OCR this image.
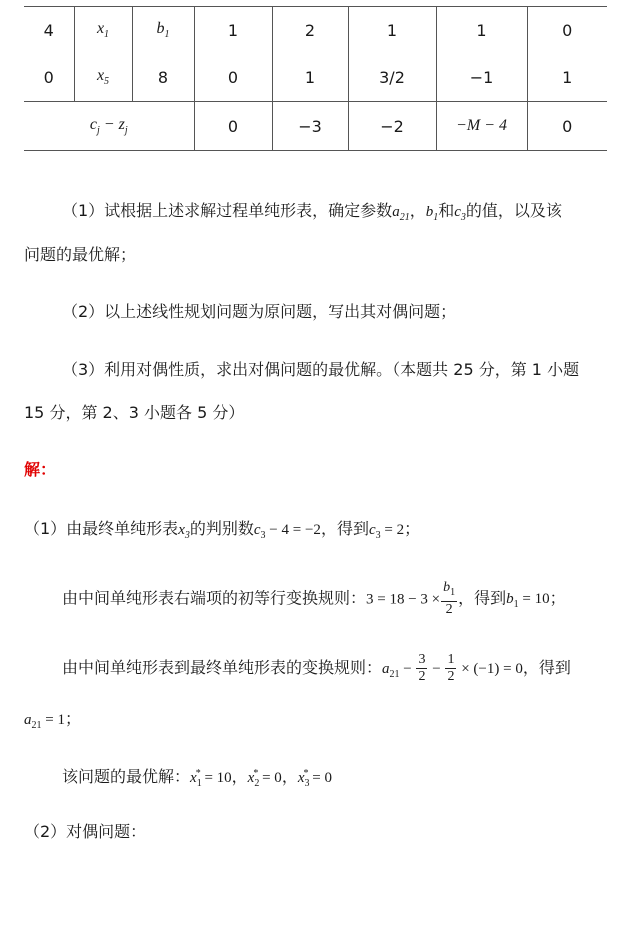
4	$x_1$	$b_1$	1	2	1	1	0
0	$x_5$	8	0	1	3/2	−1	1
$c_j - z_j$			0	−3	−2	−M − 4	0
（1）试根据上述求解过程单纯形表，确定参数$a_{21}$，$b_1$和$c_3$的值，以及该
问题的最优解；
（2）以上述线性规划问题为原问题，写出其对偶问题；
（3）利用对偶性质，求出对偶问题的最优解。（本题共 25 分，第 1 小题
15 分，第 2、3 小题各 5 分）
解：
（1）由最终单纯形表$x_3$的判别数$c_3 - 4 = -2$，得到$c_3 = 2$；
由中间单纯形表右端项的初等行变换规则：$3 = 18 - 3 \times \frac{b_1}{2}$ ，得到$b_1 = 10$；
由中间单纯形表到最终单纯形表的变换规则：$a_{21} - \frac{3}{2} - \frac{1}{2} \times (-1) = 0$，得到
$a_{21} = 1$；
该问题的最优解：$x_1^* = 10$，$x_2^* = 0$，$x_3^* = 0$
（2）对偶问题：
